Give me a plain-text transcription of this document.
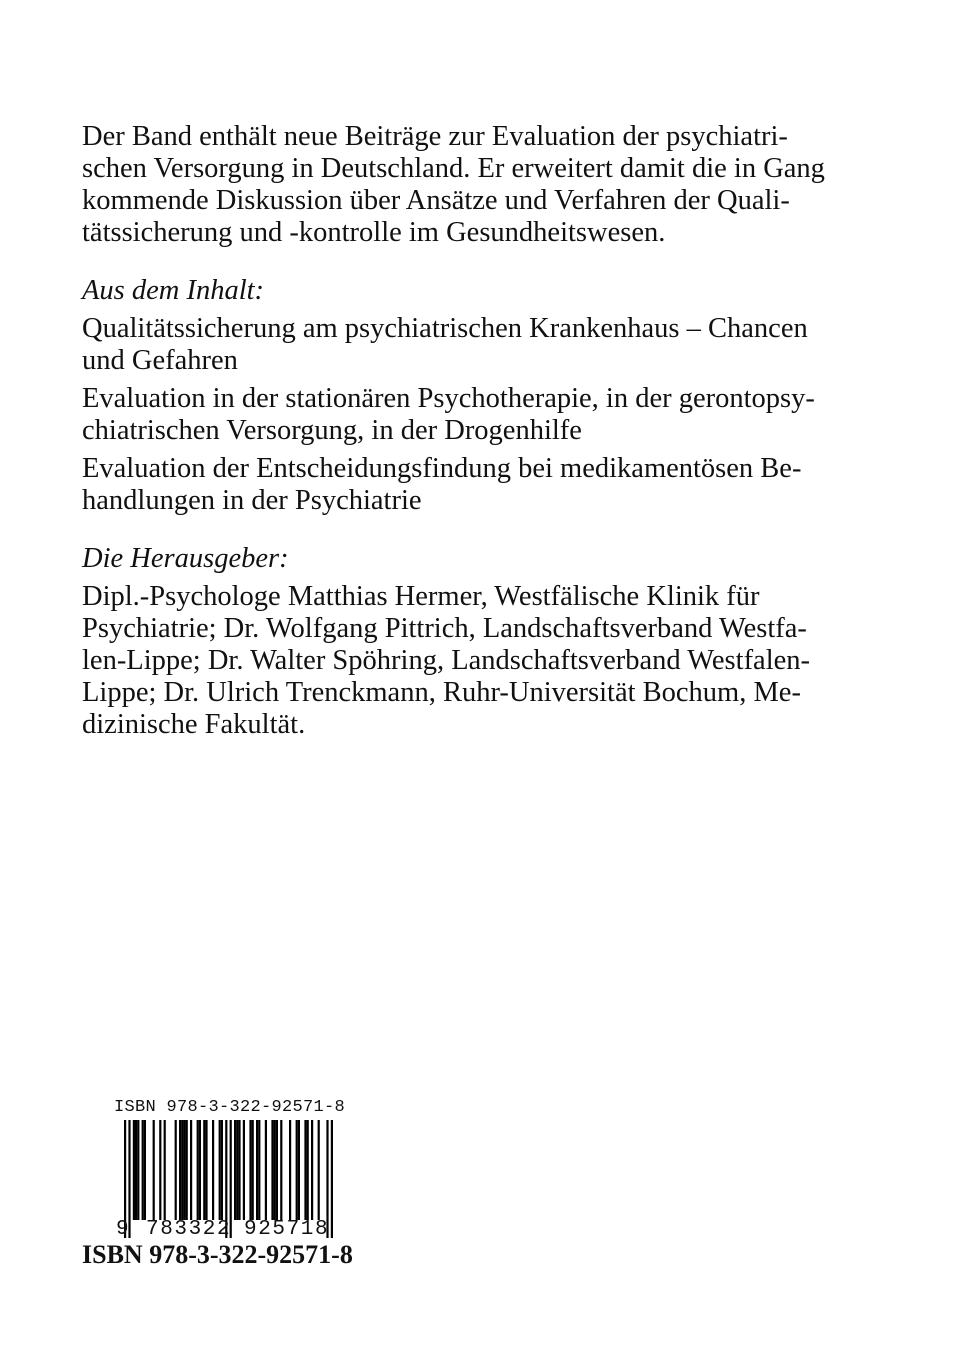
Der Band enthält neue Beiträge zur Evaluation der psychiatri-
schen Versorgung in Deutschland. Er erweitert damit die in Gang
kommende Diskussion über Ansätze und Verfahren der Quali-
tätssicherung und -kontrolle im Gesundheitswesen.
Aus dem Inhalt:
Qualitätssicherung am psychiatrischen Krankenhaus – Chancen
und Gefahren
Evaluation in der stationären Psychotherapie, in der gerontopsy-
chiatrischen Versorgung, in der Drogenhilfe
Evaluation der Entscheidungsfindung bei medikamentösen Be-
handlungen in der Psychiatrie
Die Herausgeber:
Dipl.-Psychologe Matthias Hermer, Westfälische Klinik für
Psychiatrie; Dr. Wolfgang Pittrich, Landschaftsverband Westfa-
len-Lippe; Dr. Walter Spöhring, Landschaftsverband Westfalen-
Lippe; Dr. Ulrich Trenckmann, Ruhr-Universität Bochum, Me-
dizinische Fakultät.
ISBN 978-3-322-92571-8
9 783322 925718
ISBN 978-3-322-92571-8
